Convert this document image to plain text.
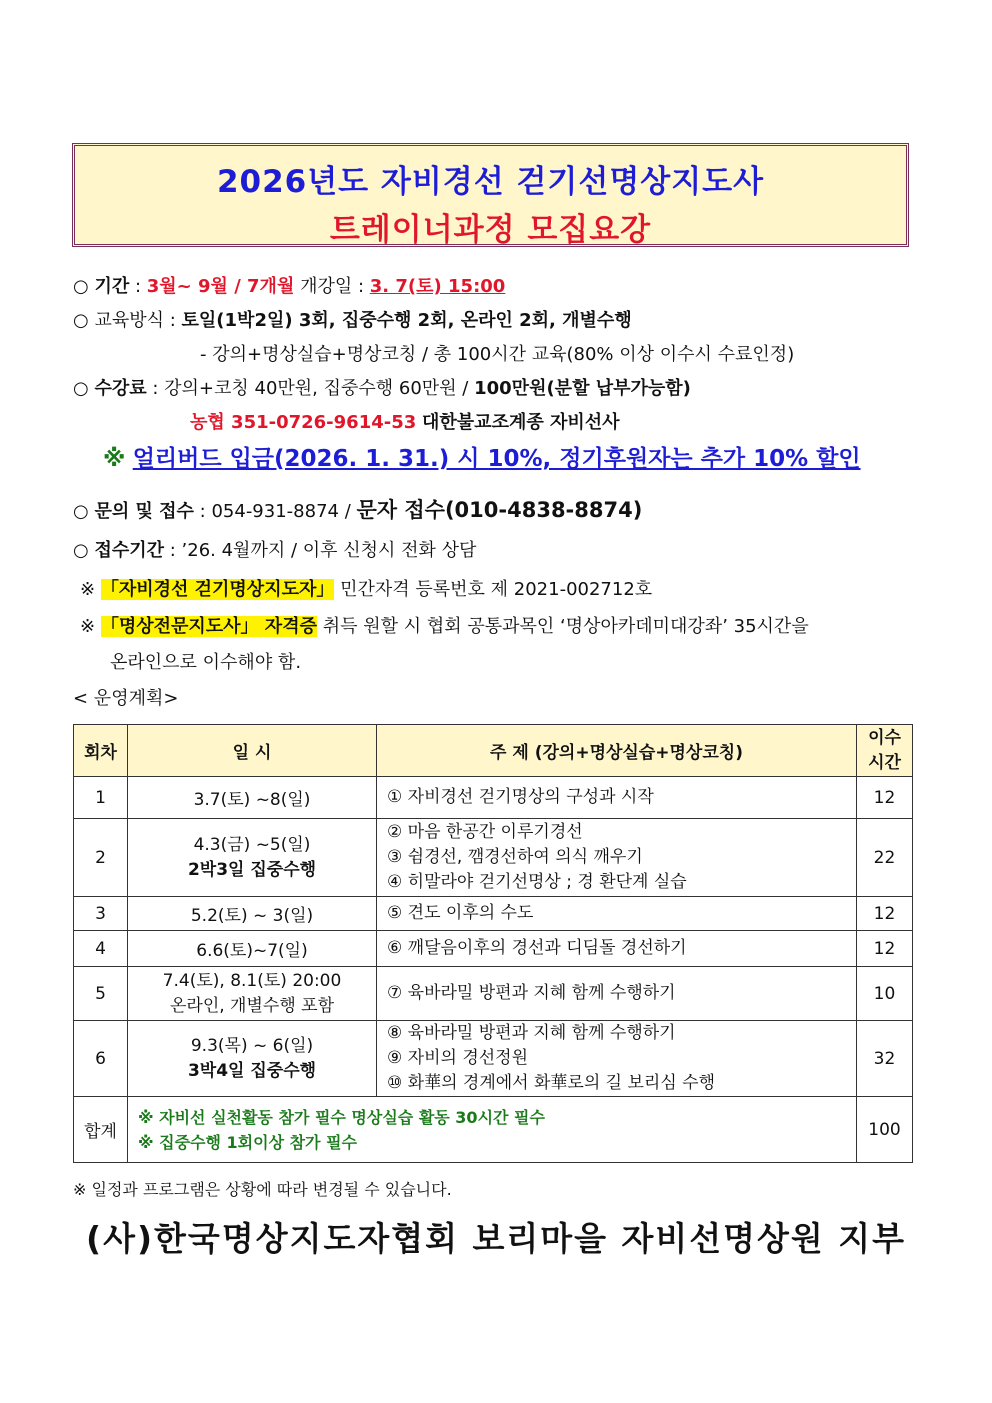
2026년도 자비경선 걷기선명상지도사
트레이너과정 모집요강
○ 기간 : 3월~ 9월 / 7개월 개강일 : 3. 7(토) 15:00
○ 교육방식 : 토일(1박2일) 3회, 집중수행 2회, 온라인 2회, 개별수행
- 강의+명상실습+명상코칭 / 총 100시간 교육(80% 이상 이수시 수료인정)
○ 수강료 : 강의+코칭 40만원, 집중수행 60만원 / 100만원(분할 납부가능함)
농협 351-0726-9614-53 대한불교조계종 자비선사
※ 얼리버드 입금(2026. 1. 31.) 시 10%, 정기후원자는 추가 10% 할인
○ 문의 및 접수 : 054-931-8874 / 문자 접수(010-4838-8874)
○ 접수기간 : ’26. 4월까지 / 이후 신청시 전화 상담
※ 「자비경선 걷기명상지도자」 민간자격 등록번호 제 2021-002712호
※ 「명상전문지도사」 자격증 취득 원할 시 협회 공통과목인 ‘명상아카데미대강좌’ 35시간을
온라인으로 이수해야 함.
< 운영계획>
회차	일 시	주 제 (강의+명상실습+명상코칭)	이수
시간

1	3.7(토) ~8(일)	① 자비경선 걷기명상의 구성과 시작	12
2	4.3(금) ~5(일)
2박3일 집중수행	② 마음 한공간 이루기경선
③ 쉼경선, 깸경선하여 의식 깨우기
④ 히말라야 걷기선명상 ; 경 환단계 실습	22
3	5.2(토) ~ 3(일)	⑤ 견도 이후의 수도	12
4	6.6(토)~7(일)	⑥ 깨달음이후의 경선과 디딤돌 경선하기	12
5	7.4(토), 8.1(토) 20:00
온라인, 개별수행 포함	⑦ 육바라밀 방편과 지혜 함께 수행하기	10
6	9.3(목) ~ 6(일)
3박4일 집중수행	⑧ 육바라밀 방편과 지혜 함께 수행하기
⑨ 자비의 경선정원
⑩ 화華의 경계에서 화華로의 길 보리심 수행	32
합계	※ 자비선 실천활동 참가 필수 명상실습 활동 30시간 필수
※ 집중수행 1회이상 참가 필수		100
※ 일정과 프로그램은 상황에 따라 변경될 수 있습니다.
(사)한국명상지도자협회 보리마을 자비선명상원 지부
